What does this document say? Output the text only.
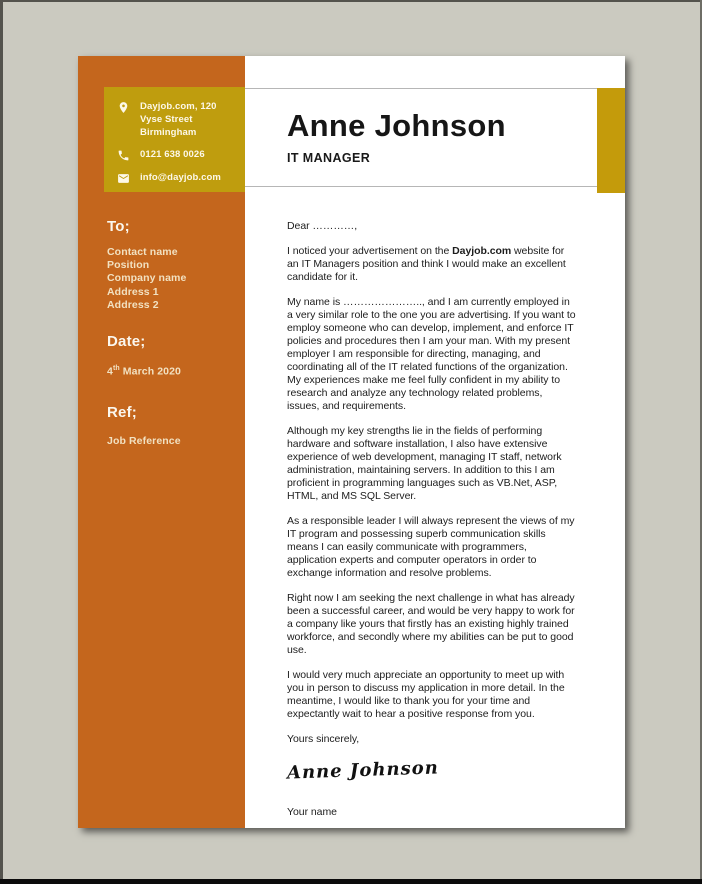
Dayjob.com, 120 Vyse Street
Birmingham
0121 638 0026
info@dayjob.com
To;
Contact name
Position
Company name
Address 1
Address 2
Date;
4th March 2020
Ref;
Job Reference
Anne Johnson
IT MANAGER

Dear …………,

I noticed your advertisement on the Dayjob.com website for an IT Managers position and think I would make an excellent candidate for it.

My name is ………………….., and I am currently employed in a very similar role to the one you are advertising. If you want to employ someone who can develop, implement, and enforce IT policies and procedures then I am your man. With my present employer I am responsible for directing, managing, and coordinating all of the IT related functions of the organization. My experiences make me feel fully confident in my ability to research and analyze any technology related problems, issues, and requirements.

Although my key strengths lie in the fields of performing hardware and software installation, I also have extensive experience of web development, managing IT staff, network administration, maintaining servers. In addition to this I am proficient in programming languages such as VB.Net, ASP, HTML, and MS SQL Server.

As a responsible leader I will always represent the views of my IT program and possessing superb communication skills means I can easily communicate with programmers, application experts and computer operators in order to exchange information and resolve problems.

Right now I am seeking the next challenge in what has already been a successful career, and would be very happy to work for a company like yours that firstly has an existing highly trained workforce, and secondly where my abilities can be put to good use.

I would very much appreciate an opportunity to meet up with you in person to discuss my application in more detail. In the meantime, I would like to thank you for your time and expectantly wait to hear a positive response from you.

Yours sincerely,

Anne Johnson

Your name
